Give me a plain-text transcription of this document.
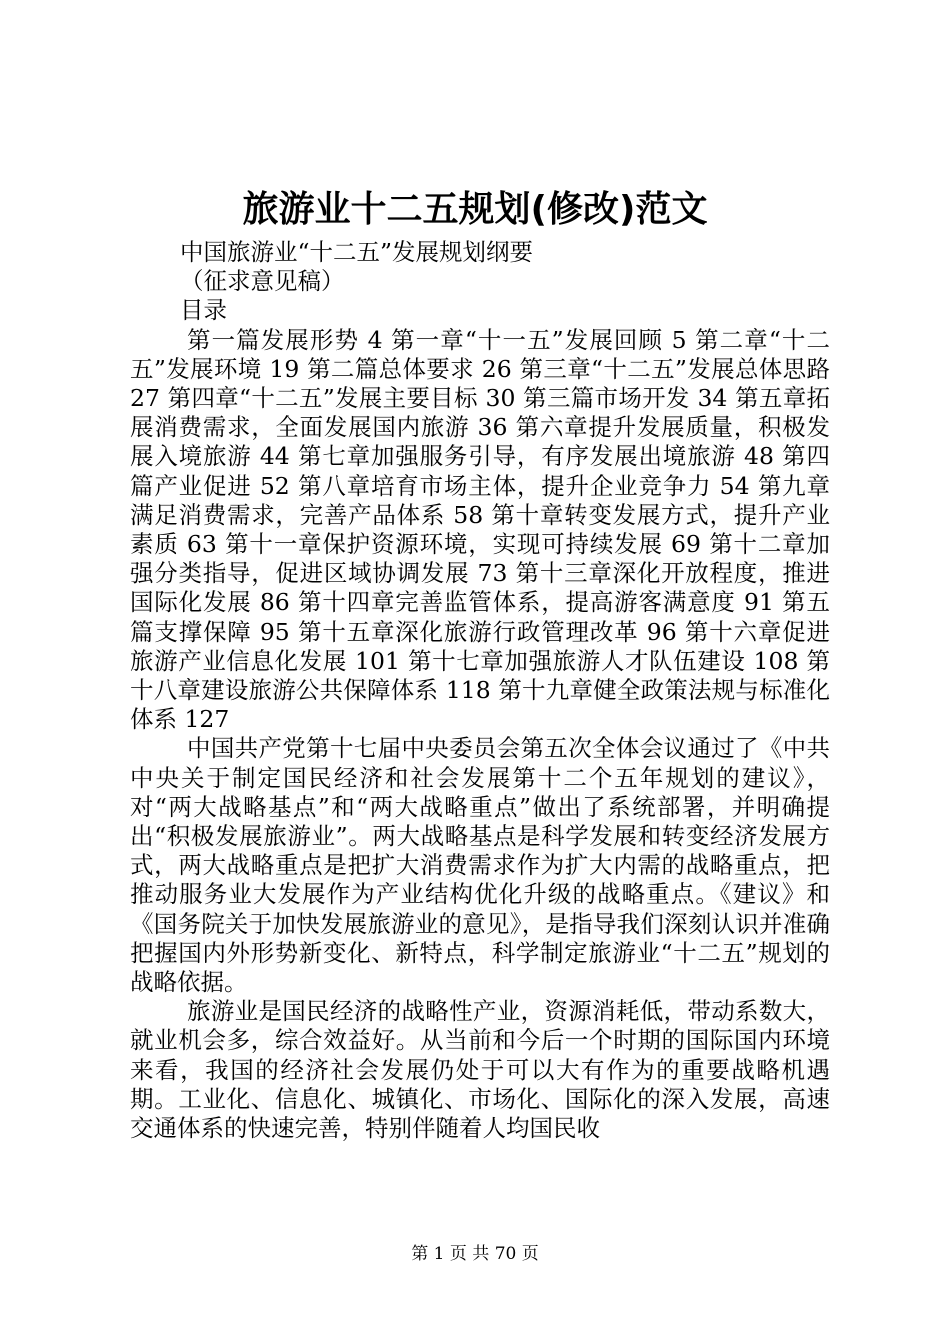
旅游业十二五规划(修改)范文

中国旅游业“十二五”发展规划纲要

（征求意见稿）

目录

第一篇发展形势 4 第一章“十一五”发展回顾 5 第二章“十二五”发展环境 19 第二篇总体要求 26 第三章“十二五”发展总体思路 27 第四章“十二五”发展主要目标 30 第三篇市场开发 34 第五章拓展消费需求，全面发展国内旅游 36 第六章提升发展质量，积极发展入境旅游 44 第七章加强服务引导，有序发展出境旅游 48 第四篇产业促进 52 第八章培育市场主体，提升企业竞争力 54 第九章满足消费需求，完善产品体系 58 第十章转变发展方式，提升产业素质 63 第十一章保护资源环境，实现可持续发展 69 第十二章加强分类指导，促进区域协调发展 73 第十三章深化开放程度，推进国际化发展 86 第十四章完善监管体系，提高游客满意度 91 第五篇支撑保障 95 第十五章深化旅游行政管理改革 96 第十六章促进旅游产业信息化发展 101 第十七章加强旅游人才队伍建设 108 第十八章建设旅游公共保障体系 118 第十九章健全政策法规与标准化体系 127

中国共产党第十七届中央委员会第五次全体会议通过了《中共中央关于制定国民经济和社会发展第十二个五年规划的建议》，对“两大战略基点”和“两大战略重点”做出了系统部署，并明确提出“积极发展旅游业”。两大战略基点是科学发展和转变经济发展方式，两大战略重点是把扩大消费需求作为扩大内需的战略重点，把推动服务业大发展作为产业结构优化升级的战略重点。《建议》和《国务院关于加快发展旅游业的意见》，是指导我们深刻认识并准确把握国内外形势新变化、新特点，科学制定旅游业“十二五”规划的战略依据。

旅游业是国民经济的战略性产业，资源消耗低，带动系数大，就业机会多，综合效益好。从当前和今后一个时期的国际国内环境来看，我国的经济社会发展仍处于可以大有作为的重要战略机遇期。工业化、信息化、城镇化、市场化、国际化的深入发展，高速交通体系的快速完善，特别伴随着人均国民收

第 1 页 共 70 页
